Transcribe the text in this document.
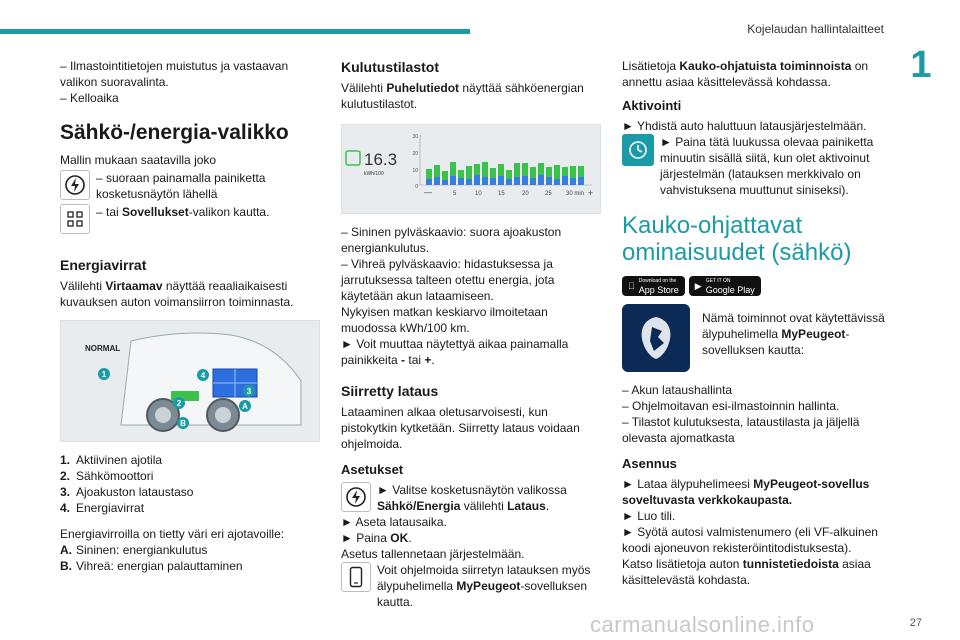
Kojelaudan hallintalaitteet
1

– Ilmastointitietojen muistutus ja vastaavan valikon suoravalinta.

– Kelloaika

Sähkö-/energia-valikko

Mallin mukaan saatavilla joko

– suoraan painamalla painiketta kosketusnäytön lähellä

– tai Sovellukset-valikon kautta.

Energiavirrat

Välilehti Virtaamav näyttää reaaliaikaisesti kuvauksen auton voimansiirron toiminnasta.

1
2
3
4
A
B
NORMAL
1. Aktiivinen ajotila
2. Sähkömoottori
3. Ajoakuston lataustaso
4. Energiavirrat

Energiavirroilla on tietty väri eri ajotavoille:

A. Sininen: energiankulutus
B. Vihreä: energian palauttaminen
Kulutustilastot

Välilehti Puhelutiedot näyttää sähköenergian kulutustilastot.

16.3
kWh/100
30
20
10
0
—	5	10	15	20	25 30 min +

– Sininen pylväskaavio: suora ajoakuston energiankulutus.

– Vihreä pylväskaavio: hidastuksessa ja jarrutuksessa talteen otettu energia, jota käytetään akun lataamiseen.

Nykyisen matkan keskiarvo ilmoitetaan muodossa kWh/100 km.

► Voit muuttaa näytettyä aikaa painamalla painikkeita - tai +.

Siirretty lataus

Lataaminen alkaa oletusarvoisesti, kun pistokytkin kytketään. Siirretty lataus voidaan ohjelmoida.

Asetukset

► Valitse kosketusnäytön valikossa Sähkö/Energia välilehti Lataus.

► Aseta latausaika.

► Paina OK.

Asetus tallennetaan järjestelmään.

Voit ohjelmoida siirretyn latauksen myös älypuhelimella MyPeugeot-sovelluksen kautta.

Lisätietoja Kauko-ohjatuista toiminnoista on annettu asiaa käsittelevässä kohdassa.

Aktivointi

► Yhdistä auto haluttuun latausjärjestelmään.

► Paina tätä luukussa olevaa painiketta minuutin sisällä siitä, kun olet aktivoinut järjestelmän (latauksen merkkivalo on vahvistuksena muuttunut siniseksi).

Kauko-ohjattavat ominaisuudet (sähkö)
Download on the
App Store ▶ GET IT ON
Google Play

Nämä toiminnot ovat käytettävissä älypuhelimella MyPeugeot-sovelluksen kautta:

– Akun lataushallinta

– Ohjelmoitavan esi-ilmastoinnin hallinta.

– Tilastot kulutuksesta, lataustilasta ja jäljellä olevasta ajomatkasta

Asennus

► Lataa älypuhelimeesi MyPeugeot-sovellus soveltuvasta verkkokaupasta.

► Luo tili.

► Syötä autosi valmistenumero (eli VF-alkuinen koodi ajoneuvon rekisteröintitodistuksesta).

Katso lisätietoja auton tunnistetiedoista asiaa käsittelevästä kohdasta.

carmanualsonline.info	27
